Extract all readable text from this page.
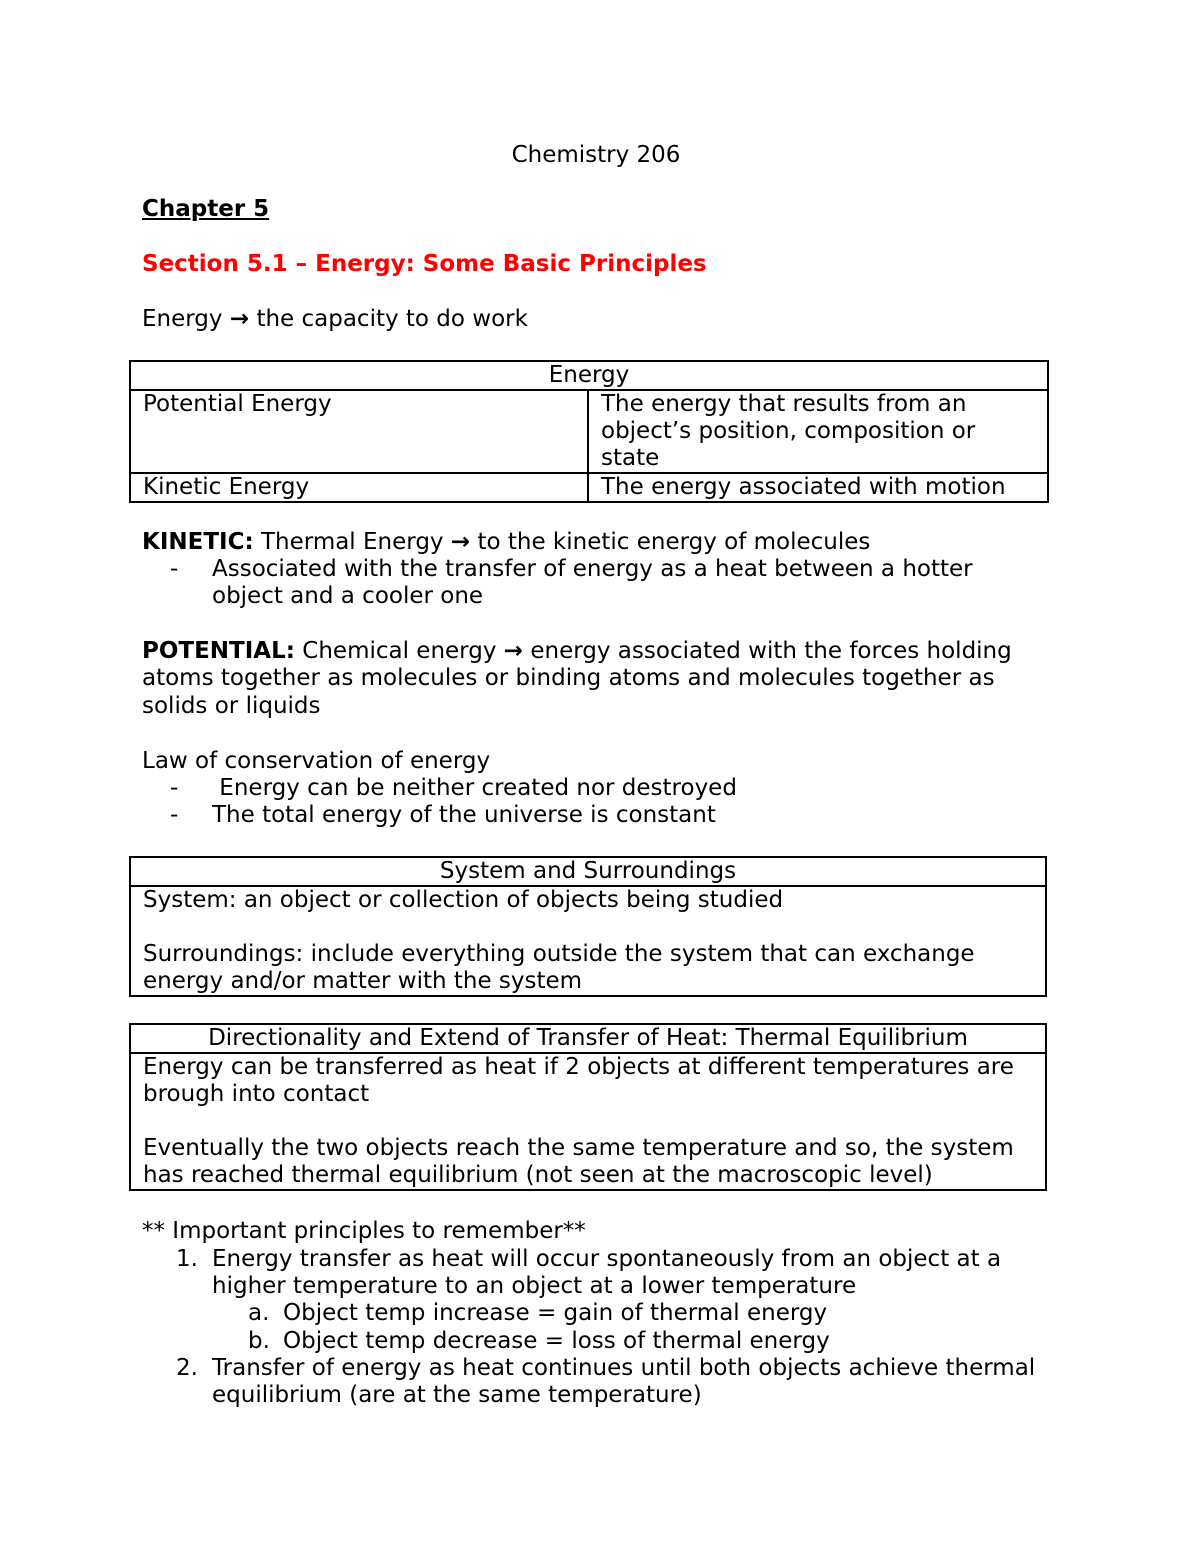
Chemistry 206
Chapter 5
Section 5.1 – Energy: Some Basic Principles
Energy → the capacity to do work
Energy	
Potential Energy	The energy that results from an
object’s position, composition or
state

Kinetic Energy	The energy associated with motion
KINETIC: Thermal Energy → to the kinetic energy of molecules
- Associated with the transfer of energy as a heat between a hotter
object and a cooler one
POTENTIAL: Chemical energy → energy associated with the forces holding
atoms together as molecules or binding atoms and molecules together as
solids or liquids
Law of conservation of energy
- Energy can be neither created nor destroyed
- The total energy of the universe is constant
System and Surroundings

System: an object or collection of objects being studied
Surroundings: include everything outside the system that can exchange
energy and/or matter with the system
Directionality and Extend of Transfer of Heat: Thermal Equilibrium

Energy can be transferred as heat if 2 objects at different temperatures are
brough into contact
Eventually the two objects reach the same temperature and so, the system
has reached thermal equilibrium (not seen at the macroscopic level)
** Important principles to remember**
1. Energy transfer as heat will occur spontaneously from an object at a
higher temperature to an object at a lower temperature
a. Object temp increase = gain of thermal energy
b. Object temp decrease = loss of thermal energy
2. Transfer of energy as heat continues until both objects achieve thermal
equilibrium (are at the same temperature)
